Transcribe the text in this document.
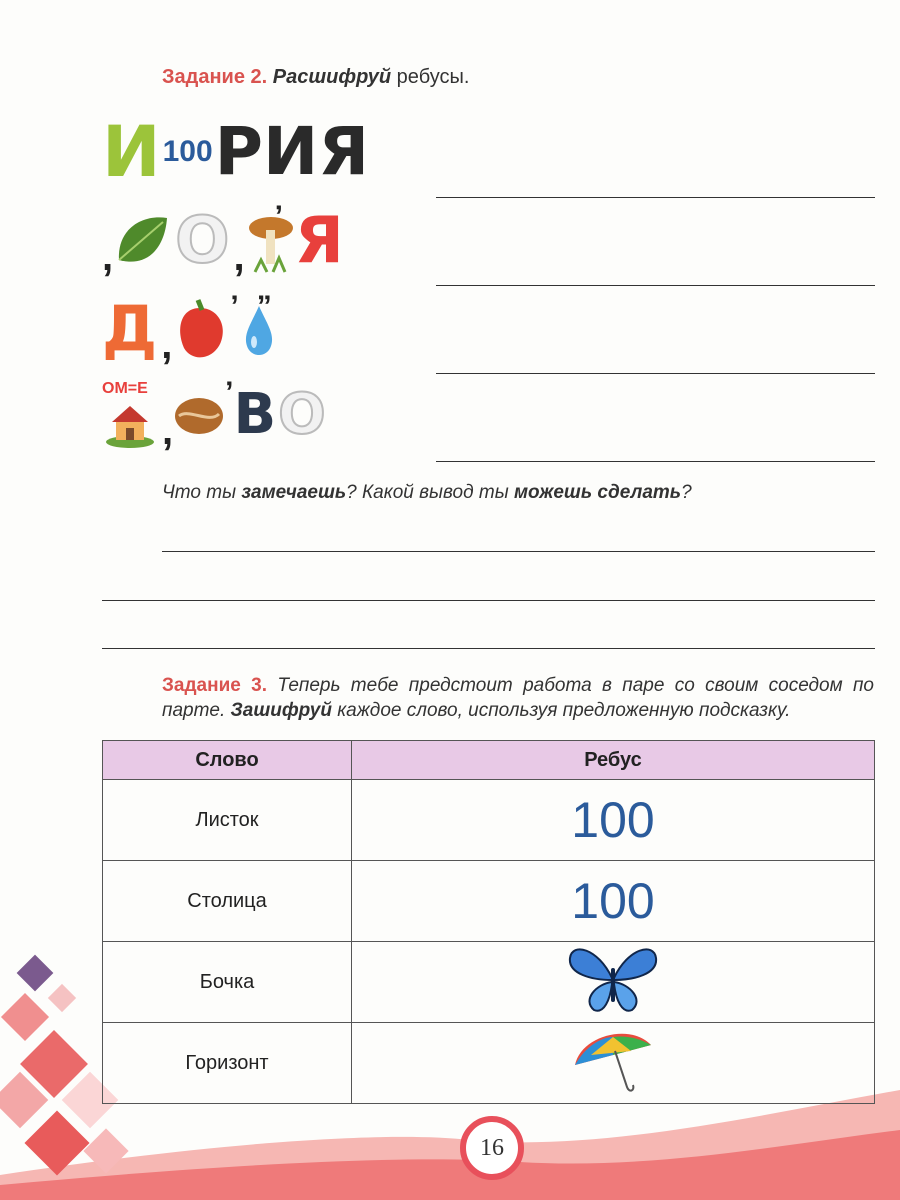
Задание 2. Расшифруй ребусы.
И 100 РИЯ
, О ,
’ Я
Д ,
’ ”
ОМ=Е
,
’ В О
Что ты замечаешь? Какой вывод ты можешь сделать?
Задание 3. Теперь тебе предстоит работа в паре со своим соседом по парте. Зашифруй каждое слово, используя предложенную подсказку.
Слово	Ребус
Листок	100
Столица	100
Бочка	
Горизонт	
16
